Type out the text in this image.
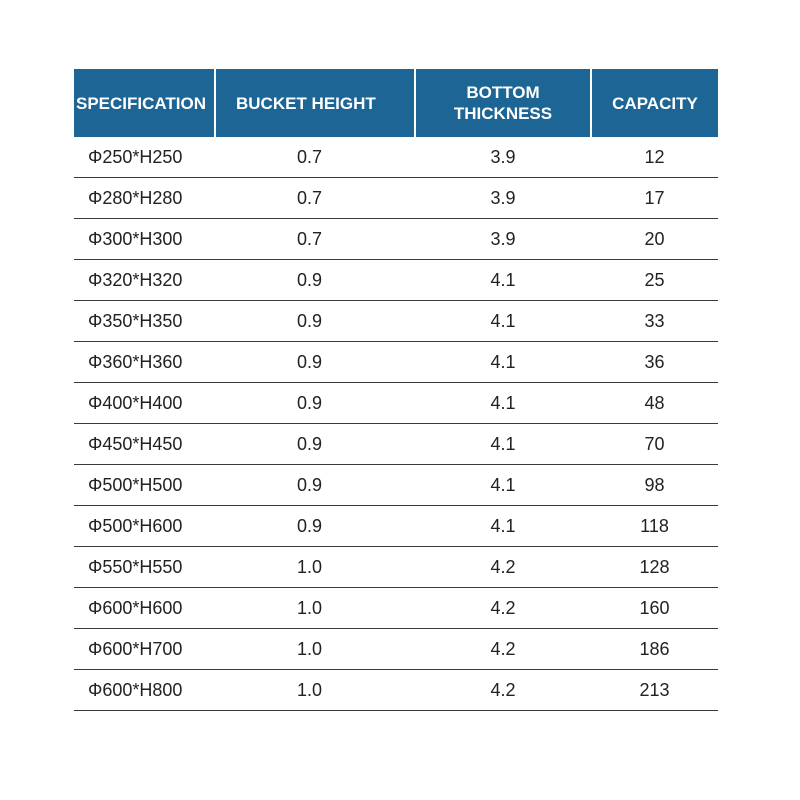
SPECIFICATION	BUCKET HEIGHT	BOTTOM
THICKNESS	CAPACITY
Φ250*H250	0.7	3.9	12
Φ280*H280	0.7	3.9	17
Φ300*H300	0.7	3.9	20
Φ320*H320	0.9	4.1	25
Φ350*H350	0.9	4.1	33
Φ360*H360	0.9	4.1	36
Φ400*H400	0.9	4.1	48
Φ450*H450	0.9	4.1	70
Φ500*H500	0.9	4.1	98
Φ500*H600	0.9	4.1	118
Φ550*H550	1.0	4.2	128
Φ600*H600	1.0	4.2	160
Φ600*H700	1.0	4.2	186
Φ600*H800	1.0	4.2	213
